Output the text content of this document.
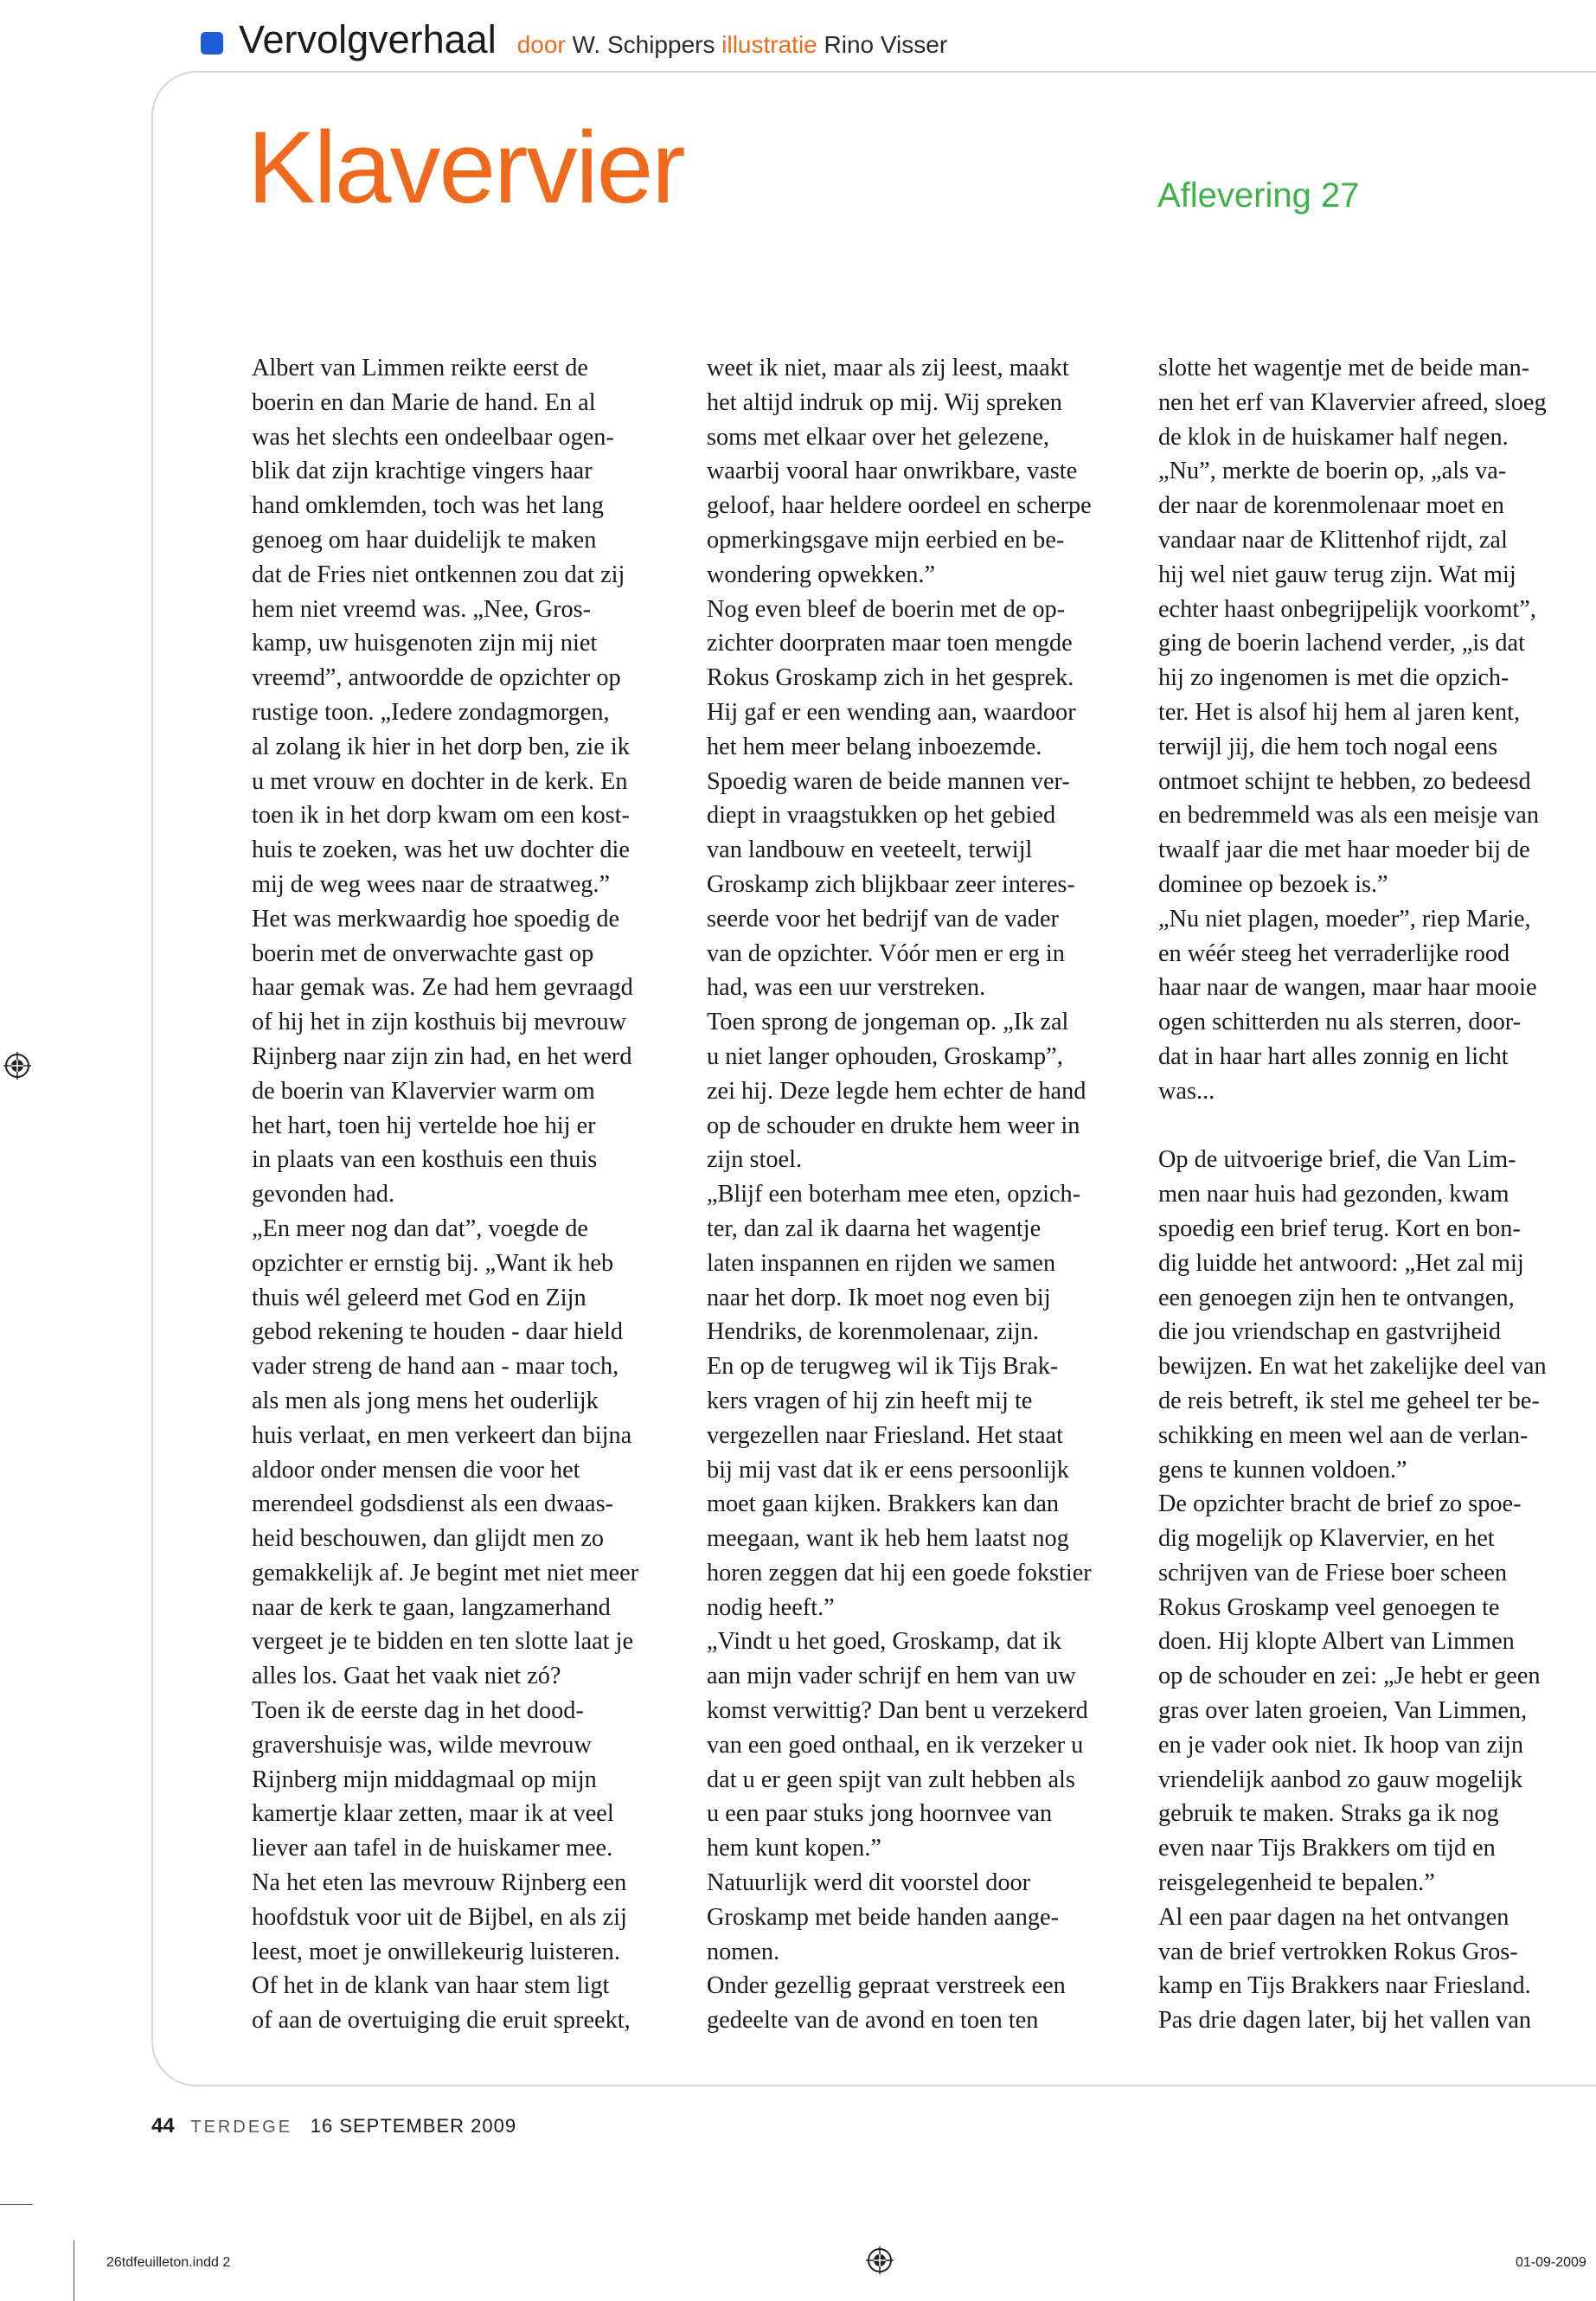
Vervolgverhaal door W. Schippers illustratie Rino Visser
Klavervier	Aflevering 27

Albert van Limmen reikte eerst de

boerin en dan Marie de hand. En al

was het slechts een ondeelbaar ogen-

blik dat zijn krachtige vingers haar

hand omklemden, toch was het lang

genoeg om haar duidelijk te maken

dat de Fries niet ontkennen zou dat zij

hem niet vreemd was. „Nee, Gros-

kamp, uw huisgenoten zijn mij niet

vreemd”, antwoordde de opzichter op

rustige toon. „Iedere zondagmorgen,

al zolang ik hier in het dorp ben, zie ik

u met vrouw en dochter in de kerk. En

toen ik in het dorp kwam om een kost-

huis te zoeken, was het uw dochter die

mij de weg wees naar de straatweg.”

Het was merkwaardig hoe spoedig de

boerin met de onverwachte gast op

haar gemak was. Ze had hem gevraagd

of hij het in zijn kosthuis bij mevrouw

Rijnberg naar zijn zin had, en het werd

de boerin van Klavervier warm om

het hart, toen hij vertelde hoe hij er

in plaats van een kosthuis een thuis

gevonden had.

„En meer nog dan dat”, voegde de

opzichter er ernstig bij. „Want ik heb

thuis wél geleerd met God en Zijn

gebod rekening te houden - daar hield

vader streng de hand aan - maar toch,

als men als jong mens het ouderlijk

huis verlaat, en men verkeert dan bijna

aldoor onder mensen die voor het

merendeel godsdienst als een dwaas-

heid beschouwen, dan glijdt men zo

gemakkelijk af. Je begint met niet meer

naar de kerk te gaan, langzamerhand

vergeet je te bidden en ten slotte laat je

alles los. Gaat het vaak niet zó?

Toen ik de eerste dag in het dood-

gravershuisje was, wilde mevrouw

Rijnberg mijn middagmaal op mijn

kamertje klaar zetten, maar ik at veel

liever aan tafel in de huiskamer mee.

Na het eten las mevrouw Rijnberg een

hoofdstuk voor uit de Bijbel, en als zij

leest, moet je onwillekeurig luisteren.

Of het in de klank van haar stem ligt

of aan de overtuiging die eruit spreekt,

weet ik niet, maar als zij leest, maakt

het altijd indruk op mij. Wij spreken

soms met elkaar over het gelezene,

waarbij vooral haar onwrikbare, vaste

geloof, haar heldere oordeel en scherpe

opmerkingsgave mijn eerbied en be-

wondering opwekken.”

Nog even bleef de boerin met de op-

zichter doorpraten maar toen mengde

Rokus Groskamp zich in het gesprek.

Hij gaf er een wending aan, waardoor

het hem meer belang inboezemde.

Spoedig waren de beide mannen ver-

diept in vraagstukken op het gebied

van landbouw en veeteelt, terwijl

Groskamp zich blijkbaar zeer interes-

seerde voor het bedrijf van de vader

van de opzichter. Vóór men er erg in

had, was een uur verstreken.

Toen sprong de jongeman op. „Ik zal

u niet langer ophouden, Groskamp”,

zei hij. Deze legde hem echter de hand

op de schouder en drukte hem weer in

zijn stoel.

„Blijf een boterham mee eten, opzich-

ter, dan zal ik daarna het wagentje

laten inspannen en rijden we samen

naar het dorp. Ik moet nog even bij

Hendriks, de korenmolenaar, zijn.

En op de terugweg wil ik Tijs Brak-

kers vragen of hij zin heeft mij te

vergezellen naar Friesland. Het staat

bij mij vast dat ik er eens persoonlijk

moet gaan kijken. Brakkers kan dan

meegaan, want ik heb hem laatst nog

horen zeggen dat hij een goede fokstier

nodig heeft.”

„Vindt u het goed, Groskamp, dat ik

aan mijn vader schrijf en hem van uw

komst verwittig? Dan bent u verzekerd

van een goed onthaal, en ik verzeker u

dat u er geen spijt van zult hebben als

u een paar stuks jong hoornvee van

hem kunt kopen.”

Natuurlijk werd dit voorstel door

Groskamp met beide handen aange-

nomen.

Onder gezellig gepraat verstreek een

gedeelte van de avond en toen ten

slotte het wagentje met de beide man-

nen het erf van Klavervier afreed, sloeg

de klok in de huiskamer half negen.

„Nu”, merkte de boerin op, „als va-

der naar de korenmolenaar moet en

vandaar naar de Klittenhof rijdt, zal

hij wel niet gauw terug zijn. Wat mij

echter haast onbegrijpelijk voorkomt”,

ging de boerin lachend verder, „is dat

hij zo ingenomen is met die opzich-

ter. Het is alsof hij hem al jaren kent,

terwijl jij, die hem toch nogal eens

ontmoet schijnt te hebben, zo bedeesd

en bedremmeld was als een meisje van

twaalf jaar die met haar moeder bij de

dominee op bezoek is.”

„Nu niet plagen, moeder”, riep Marie,

en wéér steeg het verraderlijke rood

haar naar de wangen, maar haar mooie

ogen schitterden nu als sterren, door-

dat in haar hart alles zonnig en licht

was...

Op de uitvoerige brief, die Van Lim-

men naar huis had gezonden, kwam

spoedig een brief terug. Kort en bon-

dig luidde het antwoord: „Het zal mij

een genoegen zijn hen te ontvangen,

die jou vriendschap en gastvrijheid

bewijzen. En wat het zakelijke deel van

de reis betreft, ik stel me geheel ter be-

schikking en meen wel aan de verlan-

gens te kunnen voldoen.”

De opzichter bracht de brief zo spoe-

dig mogelijk op Klavervier, en het

schrijven van de Friese boer scheen

Rokus Groskamp veel genoegen te

doen. Hij klopte Albert van Limmen

op de schouder en zei: „Je hebt er geen

gras over laten groeien, Van Limmen,

en je vader ook niet. Ik hoop van zijn

vriendelijk aanbod zo gauw mogelijk

gebruik te maken. Straks ga ik nog

even naar Tijs Brakkers om tijd en

reisgelegenheid te bepalen.”

Al een paar dagen na het ontvangen

van de brief vertrokken Rokus Gros-

kamp en Tijs Brakkers naar Friesland.

Pas drie dagen later, bij het vallen van

44 TERDEGE 16 SEPTEMBER 2009
26tdfeuilleton.indd 2	01-09-2009
